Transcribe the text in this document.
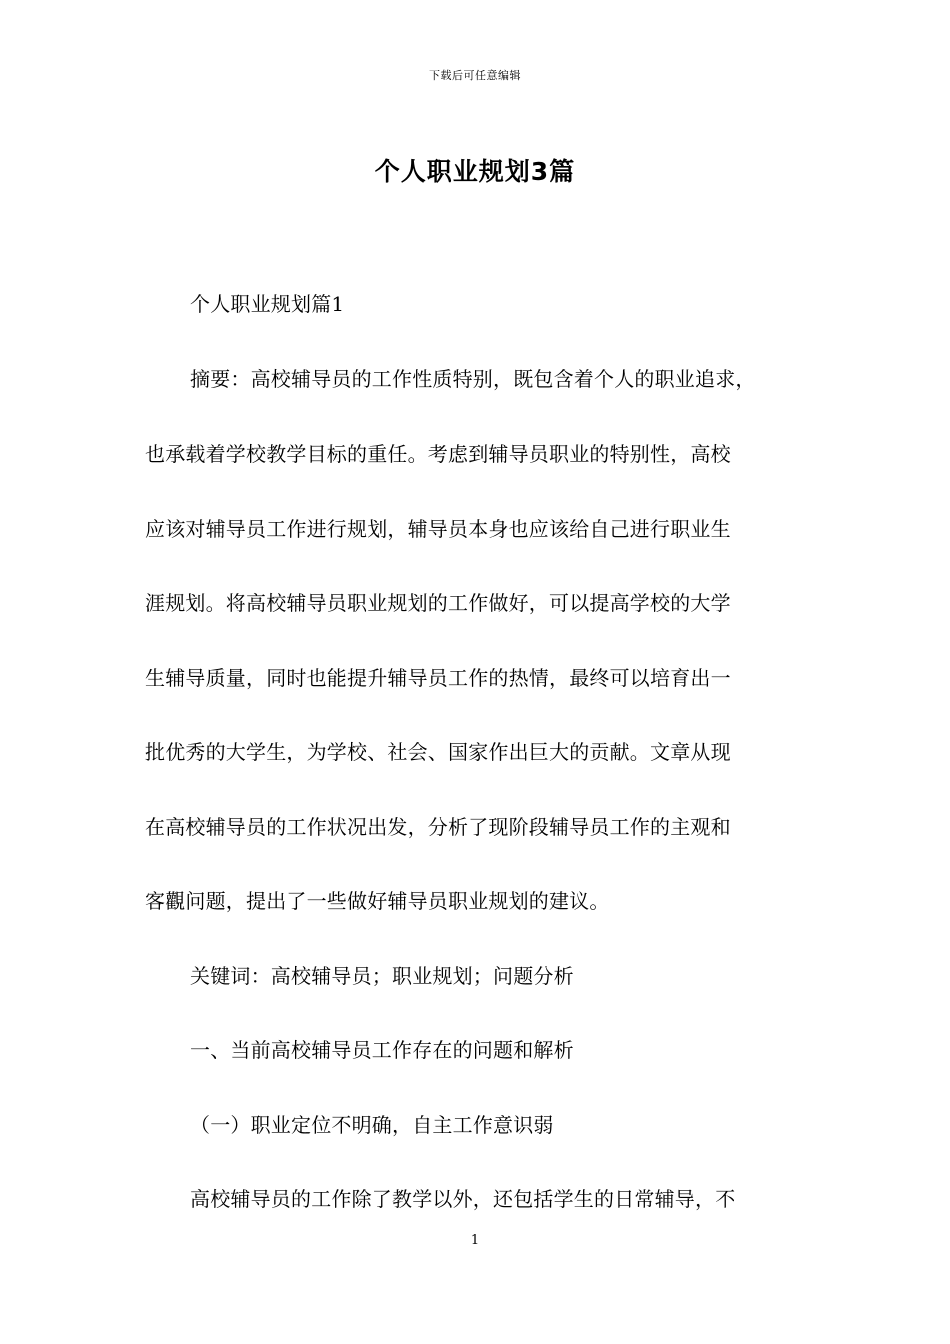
下载后可任意编辑
个人职业规划3篇
个人职业规划篇1
摘要：高校辅导员的工作性质特别，既包含着个人的职业追求，
也承载着学校教学目标的重任。考虑到辅导员职业的特别性，高校
应该对辅导员工作进行规划，辅导员本身也应该给自己进行职业生
涯规划。将高校辅导员职业规划的工作做好，可以提高学校的大学
生辅导质量，同时也能提升辅导员工作的热情，最终可以培育出一
批优秀的大学生，为学校、社会、国家作出巨大的贡献。文章从现
在高校辅导员的工作状况出发，分析了现阶段辅导员工作的主观和
客觀问题，提出了一些做好辅导员职业规划的建议。
关键词：高校辅导员；职业规划；问题分析
一、当前高校辅导员工作存在的问题和解析
（一）职业定位不明确，自主工作意识弱
高校辅导员的工作除了教学以外，还包括学生的日常辅导，不
1
